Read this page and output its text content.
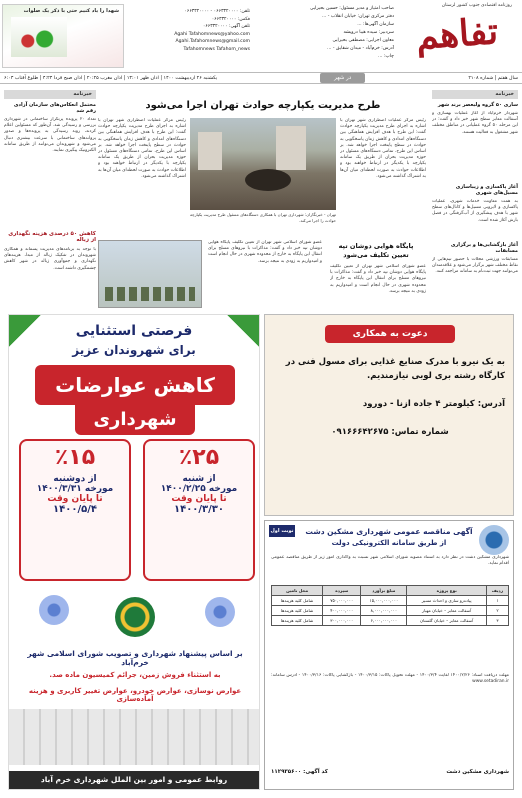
روزنامه اقتصادی جنوب کشور لرستان
تفاهم
صاحب امتیاز و مدیر مسئول: حسین بحیرایی
دفتر مرکزی تهران: خیابان انقلاب - ...
سازمان آگهی‌ها: ...
سردبیر: سیده هیبا درویشه
معاون اجرایی: مصطفی بحیرایی
آدرس: خرم‌آباد - میدان شقایق - ...
چاپ: ...
تلفن: ۰۶۶۳۳۲۰۰۰۰ - ۰۶۶۳۳۲۰۰۰۰
فکس: ۰۶۶۳۳۲۰۰۰۰
تلفن آگهی: ۰۶۶۳۳۲۰۰۰۰
Agahi Tafahomnews@yahoo.com
Agahi.Tafahomnews@gmail.com
Tafahomnews Tafahom_news
شهدا را یاد کنیم حتی با ذکر یک صلوات
یکشنبه ۲۶ اردیبهشت ۱۴۰۰ | اذان ظهر ۱۳:۰۱ | اذان مغرب ۲۰:۲۵ | اذان صبح فردا ۴:۲۳ | طلوع آفتاب ۶:۰۳	در شهر	سال هفتم | شماره ۲۱۰۸
خبرنامه
محتمل انعکاس‌های سازمان آزادی رقم شد
تعداد ۲۰ پرونده پرتکرار ساختمانی در شهرداری بررسی و رسیدگی شد. آن‌طور که مسئولین اعلام کردند، روند رسیدگی به پرونده‌ها و صدور پروانه‌های ساختمانی با سرعت بیشتری دنبال می‌شود و شهروندان می‌توانند از طریق سامانه الکترونیک پیگیری نمایند.
کاهش ۵۰ درصدی هزینه نگهداری از زباله
با توجه به برنامه‌های مدیریت پسماند و همکاری شهروندان در تفکیک زباله از مبدا، هزینه‌های نگهداری و جمع‌آوری زباله در شهر کاهش چشمگیری داشته است.
طرح مدیریت یکپارچه حوادث تهران اجرا می‌شود
تهران - خبرنگاران: شهرداری تهران با همکاری دستگاه‌های مسئول طرح مدیریت یکپارچه حوادث را اجرا می‌کند.
رئیس مرکز عملیات اضطراری شهر تهران با اشاره به اجرای طرح مدیریت یکپارچه حوادث گفت: این طرح با هدف افزایش هماهنگی بین دستگاه‌های امدادی و کاهش زمان پاسخگویی به حوادث در سطح پایتخت اجرا خواهد شد. بر اساس این طرح، تمامی دستگاه‌های مسئول در حوزه مدیریت بحران از طریق یک سامانه یکپارچه با یکدیگر در ارتباط خواهند بود و اطلاعات حوادث به صورت لحظه‌ای میان آن‌ها به اشتراک گذاشته می‌شود.
رئیس مرکز عملیات اضطراری شهر تهران با اشاره به اجرای طرح مدیریت یکپارچه حوادث گفت: این طرح با هدف افزایش هماهنگی بین دستگاه‌های امدادی و کاهش زمان پاسخگویی به حوادث در سطح پایتخت اجرا خواهد شد. بر اساس این طرح، تمامی دستگاه‌های مسئول در حوزه مدیریت بحران از طریق یک سامانه یکپارچه با یکدیگر در ارتباط خواهند بود و اطلاعات حوادث به صورت لحظه‌ای میان آن‌ها به اشتراک گذاشته می‌شود.
پایگاه هوایی دوشان تپه
تعیین تکلیف می‌شود
عضو شورای اسلامی شهر تهران از تعیین تکلیف پایگاه هوایی دوشان تپه خبر داد و گفت: مذاکرات با نیروهای مسلح برای انتقال این پایگاه به خارج از محدوده شهری در حال انجام است و امیدواریم به زودی به نتیجه برسد.
عضو شورای اسلامی شهر تهران از تعیین تکلیف پایگاه هوایی دوشان تپه خبر داد و گفت: مذاکرات با نیروهای مسلح برای انتقال این پایگاه به خارج از محدوده شهری در حال انجام است و امیدواریم به زودی به نتیجه برسد.
خبرنامه
ساری ۵۰ گروه ولیعصر برند شهر
شهردار خرم‌آباد از آغاز عملیات بهسازی و آسفالت معابر سطح شهر خبر داد و گفت: در این مرحله ۵۰ گروه عملیاتی در مناطق مختلف شهر مشغول به فعالیت هستند.
آغاز پاکسازی و زیباسازی مسیل‌های شهری
به همت معاونت خدمات شهری، عملیات پاکسازی و لایروبی مسیل‌ها و کانال‌های سطح شهر با هدف پیشگیری از آب‌گرفتگی در فصل بارش آغاز شده است.
آغاز بازگشایی‌ها و برگزاری مسابقات
مسابقات ورزشی محلات با حضور تیم‌هایی از نقاط مختلف شهر برگزار می‌شود و علاقه‌مندان می‌توانند جهت ثبت‌نام به سامانه مراجعه کنند.
فرصتی استثنایی
برای شهروندان عزیز
کاهش عوارضات
شهرداری
٪۲۵
از شنبه
مورخه ۱۴۰۰/۲/۲۵
تا پایان وقت
۱۴۰۰/۳/۳۰
٪۱۵
از دوشنبه
مورخه ۱۴۰۰/۳/۳۱
تا پایان وقت
۱۴۰۰/۵/۴
بر اساس پیشنهاد شهرداری و تصویب شورای اسلامی شهر خرم‌آباد
به استثناء فروش زمین، جرائم کمیسیون ماده صد.
عوارض نوسازی، عوارض خودرو، عوارض تغییر کاربری و هزینه آماده‌سازی
روابط عمومی و امور بین الملل شهرداری خرم آباد
دعوت به همکاری
به یک نیرو با مدرک صنایع غذایی برای مسول فنی در کارگاه رشته بری لوبی نیازمندیم.
آدرس: کیلومتر ۴ جاده ازنا - دورود
شماره تماس: ۰۹۱۶۶۶۴۲۶۷۵
نوبت اول	آگهی مناقصه عمومی شهرداری مشکین دشت
از طریق سامانه الکترونیکی دولت
شهرداری مشکین دشت در نظر دارد به استناد مصوبه شورای اسلامی شهر نسبت به واگذاری امور زیر از طریق مناقصه عمومی اقدام نماید.
ردیف	نوع پروژه	مبلغ برآورد	سپرده	محل تامین
۱	پیاده‌رو سازی و احداث مسیر	۱۵,۰۰۰,۰۰۰,۰۰۰	۷۵۰,۰۰۰,۰۰۰	شامل کلیه هزینه‌ها
۲	آسفالت معابر – خیابان مهیار	۸,۰۰۰,۰۰۰,۰۰۰	۴۰۰,۰۰۰,۰۰۰	شامل کلیه هزینه‌ها
۳	آسفالت معابر – خیابان گلستان	۶,۰۰۰,۰۰۰,۰۰۰	۳۰۰,۰۰۰,۰۰۰	شامل کلیه هزینه‌ها
مهلت دریافت اسناد: ۱۴۰۰/۲/۲۶ لغایت ۱۴۰۰/۳/۴ - مهلت تحویل پاکات: ۱۴۰۰/۳/۱۵ - بازگشایی پاکات: ۱۴۰۰/۳/۱۶ - آدرس سامانه: www.setadiran.ir
کد آگهی: ۱۱۲۹۳۵۶۰۰	شهرداری مشکین دشت
